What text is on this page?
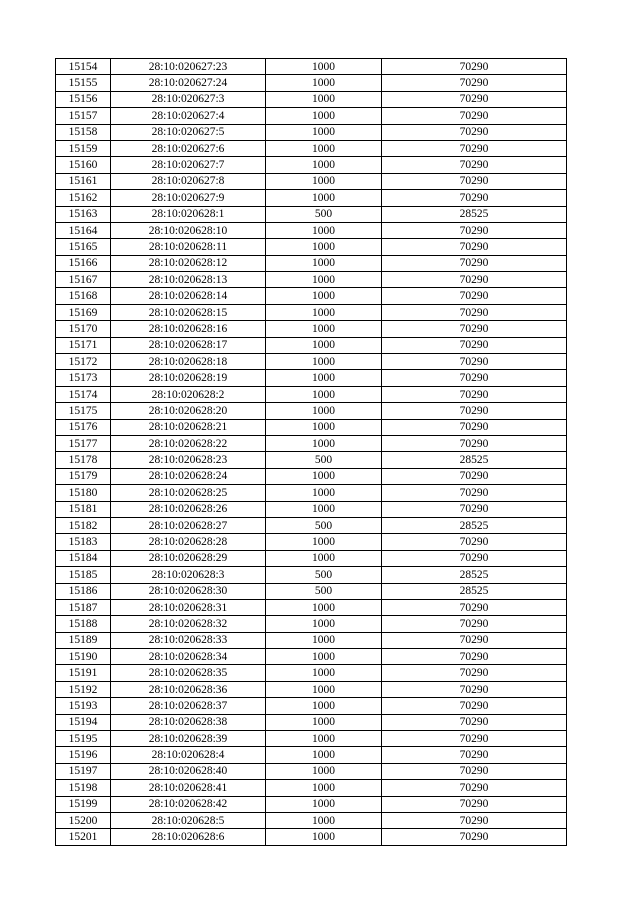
15154	28:10:020627:23	1000	70290
15155	28:10:020627:24	1000	70290
15156	28:10:020627:3	1000	70290
15157	28:10:020627:4	1000	70290
15158	28:10:020627:5	1000	70290
15159	28:10:020627:6	1000	70290
15160	28:10:020627:7	1000	70290
15161	28:10:020627:8	1000	70290
15162	28:10:020627:9	1000	70290
15163	28:10:020628:1	500	28525
15164	28:10:020628:10	1000	70290
15165	28:10:020628:11	1000	70290
15166	28:10:020628:12	1000	70290
15167	28:10:020628:13	1000	70290
15168	28:10:020628:14	1000	70290
15169	28:10:020628:15	1000	70290
15170	28:10:020628:16	1000	70290
15171	28:10:020628:17	1000	70290
15172	28:10:020628:18	1000	70290
15173	28:10:020628:19	1000	70290
15174	28:10:020628:2	1000	70290
15175	28:10:020628:20	1000	70290
15176	28:10:020628:21	1000	70290
15177	28:10:020628:22	1000	70290
15178	28:10:020628:23	500	28525
15179	28:10:020628:24	1000	70290
15180	28:10:020628:25	1000	70290
15181	28:10:020628:26	1000	70290
15182	28:10:020628:27	500	28525
15183	28:10:020628:28	1000	70290
15184	28:10:020628:29	1000	70290
15185	28:10:020628:3	500	28525
15186	28:10:020628:30	500	28525
15187	28:10:020628:31	1000	70290
15188	28:10:020628:32	1000	70290
15189	28:10:020628:33	1000	70290
15190	28:10:020628:34	1000	70290
15191	28:10:020628:35	1000	70290
15192	28:10:020628:36	1000	70290
15193	28:10:020628:37	1000	70290
15194	28:10:020628:38	1000	70290
15195	28:10:020628:39	1000	70290
15196	28:10:020628:4	1000	70290
15197	28:10:020628:40	1000	70290
15198	28:10:020628:41	1000	70290
15199	28:10:020628:42	1000	70290
15200	28:10:020628:5	1000	70290
15201	28:10:020628:6	1000	70290
